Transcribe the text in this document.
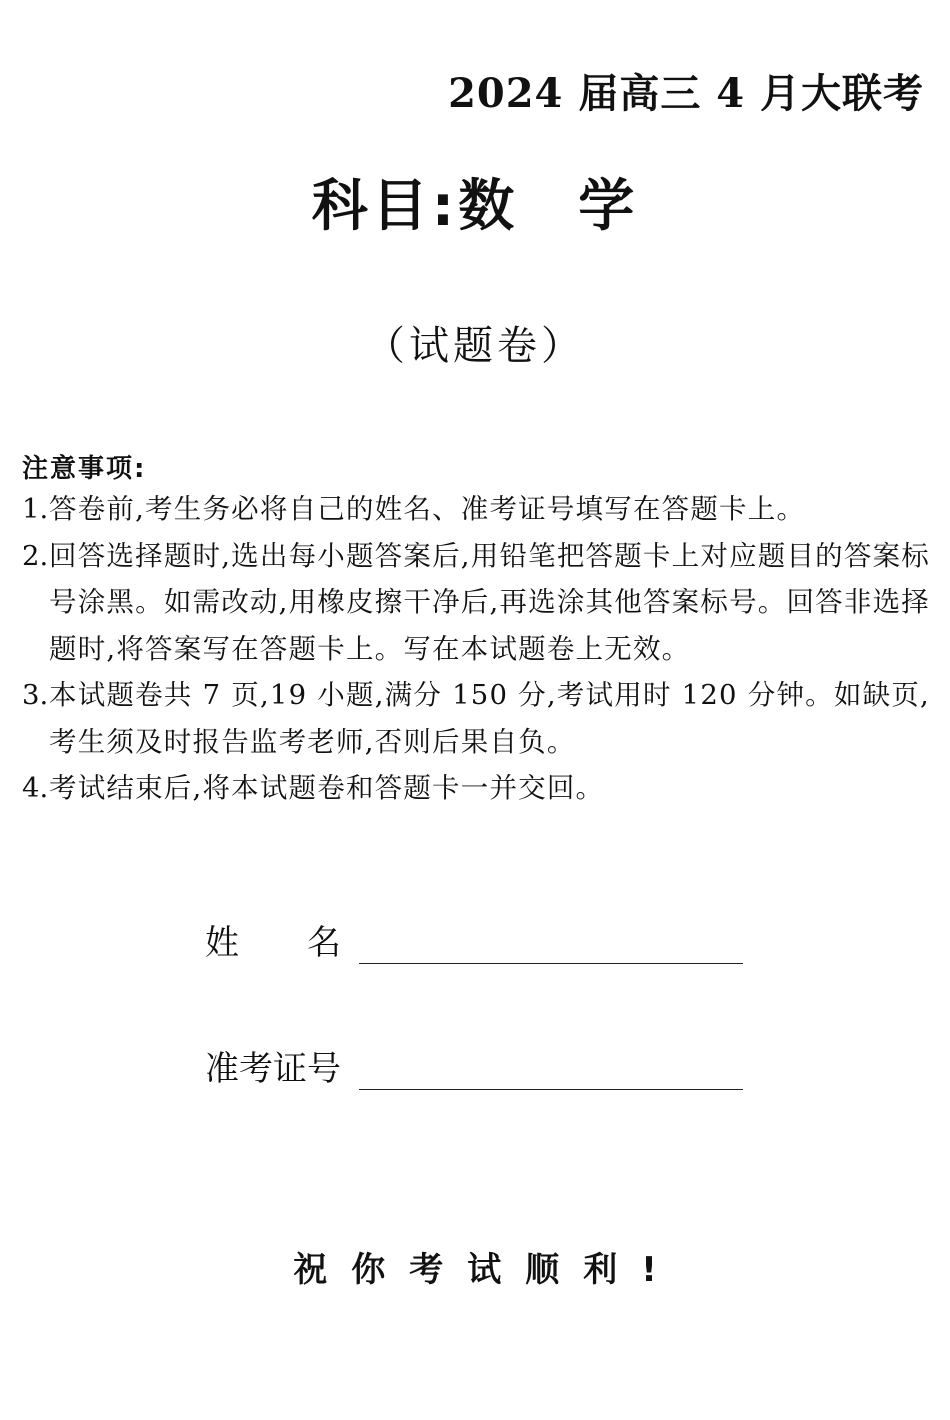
2024 届高三 4 月大联考
科目:数　学
（试题卷）
注意事项:
1. 答卷前,考生务必将自己的姓名、准考证号填写在答题卡上。
2. 回答选择题时,选出每小题答案后,用铅笔把答题卡上对应题目的答案标号涂黑。如需改动,用橡皮擦干净后,再选涂其他答案标号。回答非选择题时,将答案写在答题卡上。写在本试题卷上无效。
3. 本试题卷共 7 页,19 小题,满分 150 分,考试用时 120 分钟。如缺页,考生须及时报告监考老师,否则后果自负。
4. 考试结束后,将本试题卷和答题卡一并交回。
姓　　名
准考证号
祝你考试顺利!
